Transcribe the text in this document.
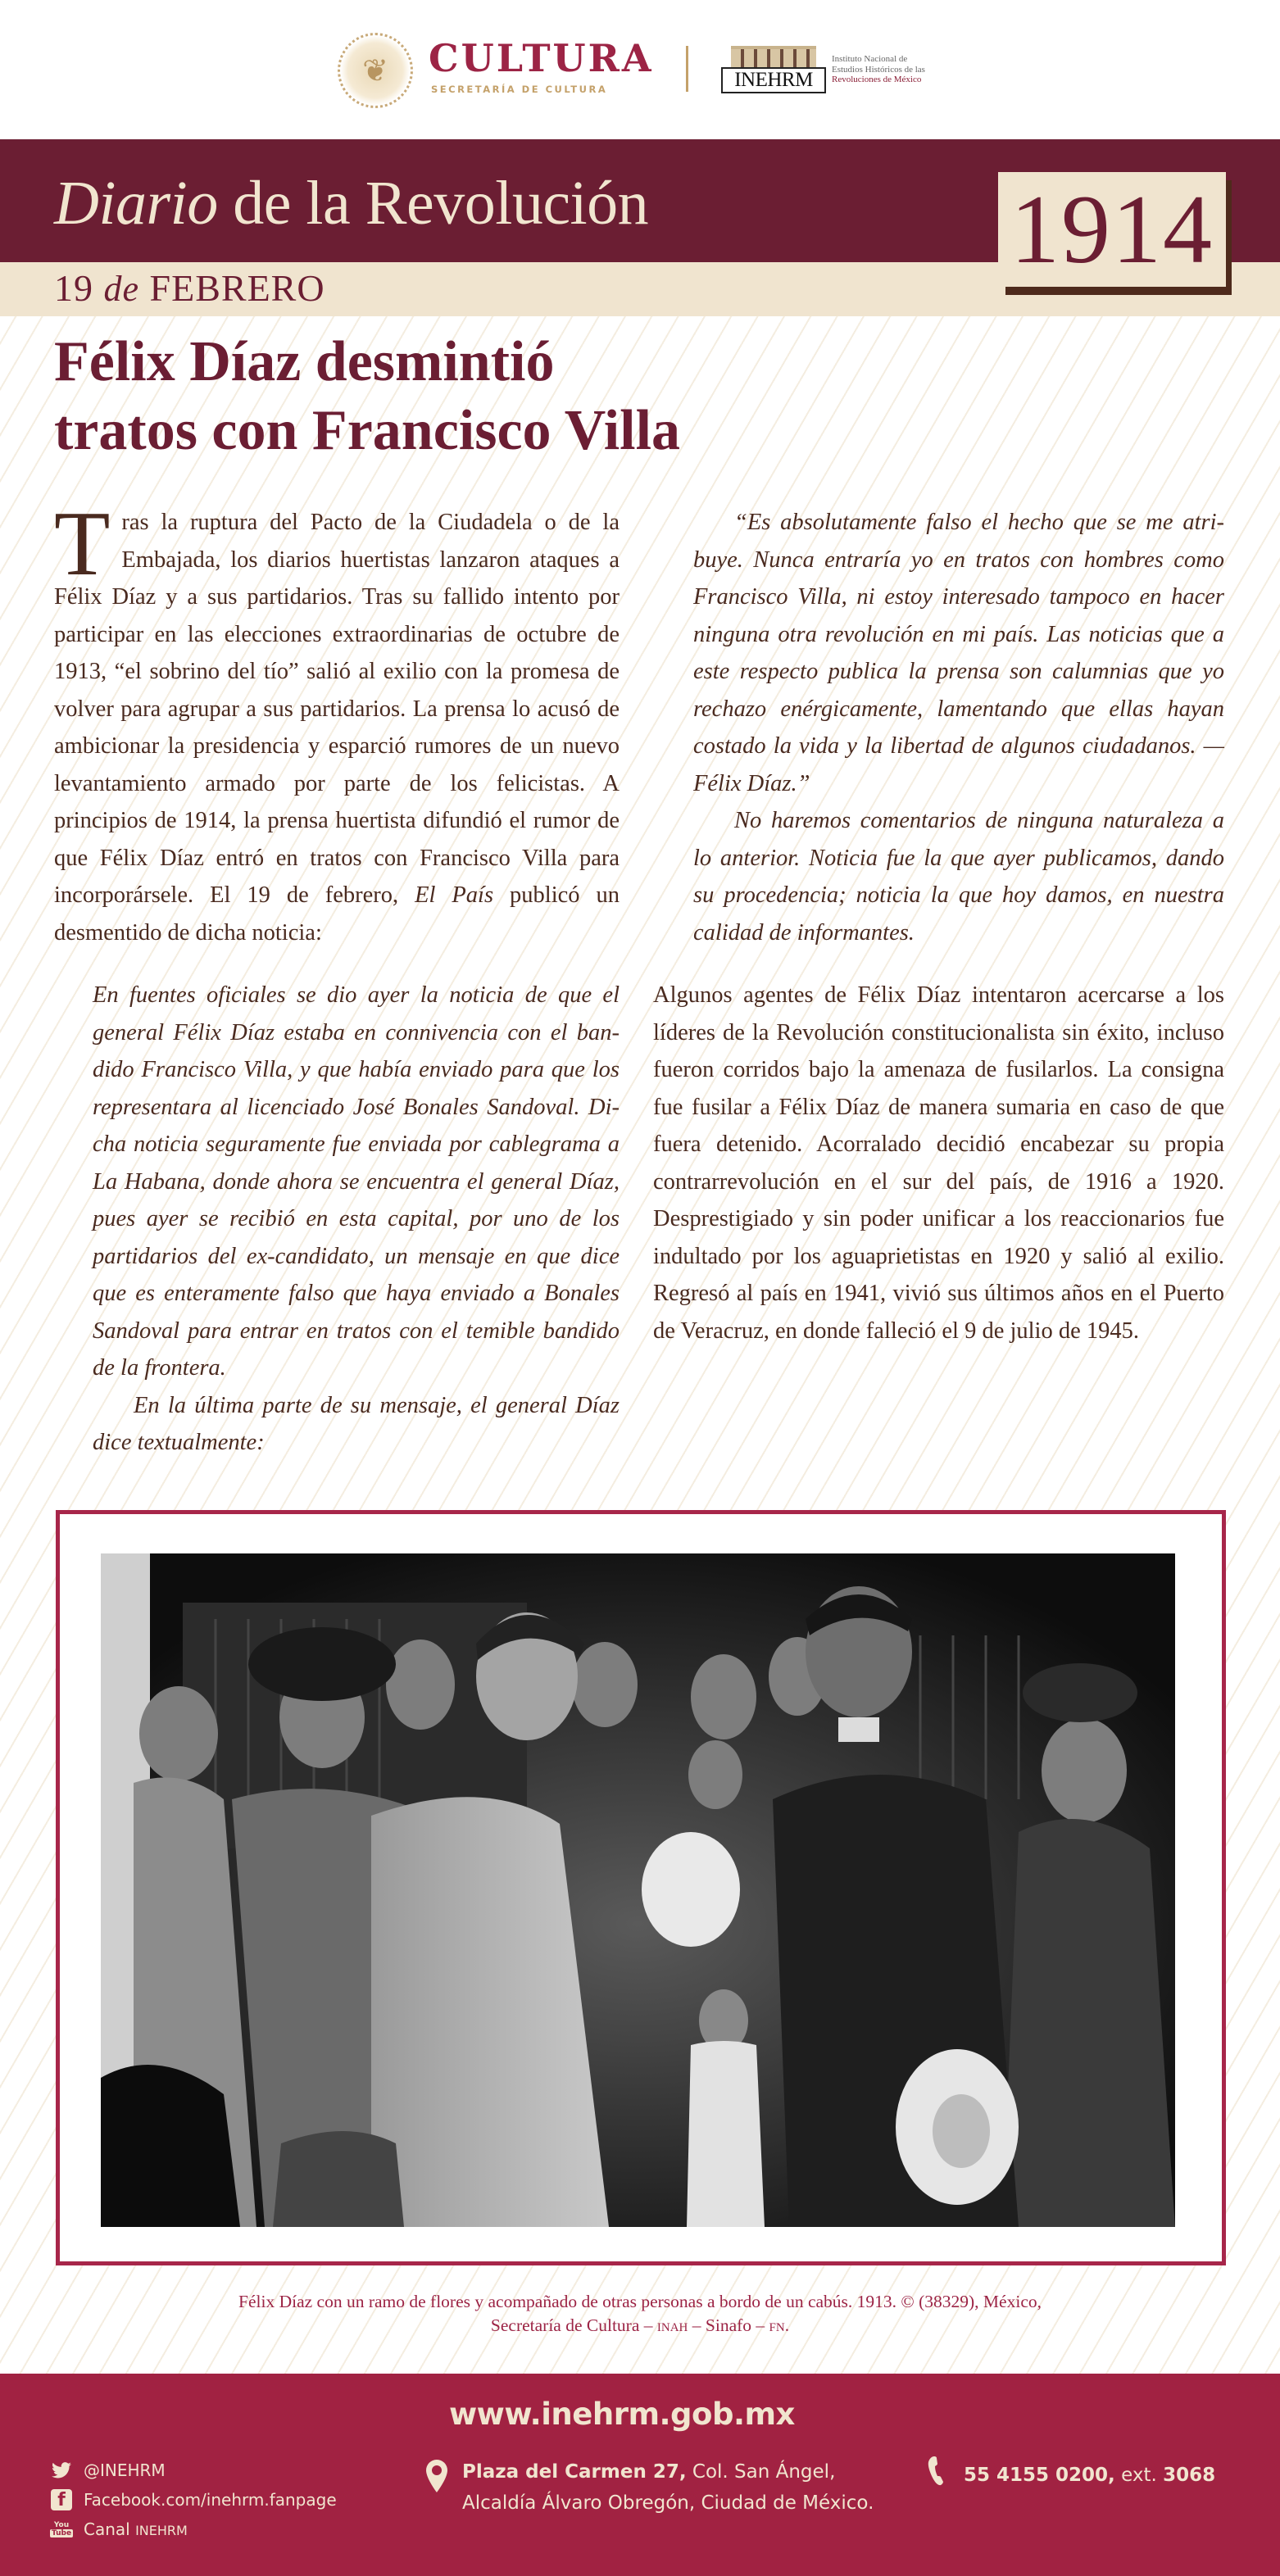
❦	CULTURA
SECRETARÍA DE CULTURA	INEHRM
Instituto Nacional de
Estudios Históricos de las
Revoluciones de México
Diario de la Revolución
19 de FEBRERO
1914
Félix Díaz desmintió
tratos con Francisco Villa

Tras la ruptura del Pacto de la Ciudadela o de la Embajada, los diarios huertistas lanzaron ataques a Félix Díaz y a sus partidarios. Tras su fallido intento por participar en las elecciones extraordinarias de octubre de 1913, “el sobrino del tío” salió al exilio con la promesa de volver para agrupar a sus partidarios. La prensa lo acusó de ambicionar la presidencia y esparció rumores de un nuevo levantamiento armado por parte de los felicistas. A principios de 1914, la prensa huertista difundió el rumor de que Félix Díaz entró en tratos con Francisco Villa para incorporársele. El 19 de febrero, El País publicó un desmentido de dicha noticia:

En fuentes oficiales se dio ayer la noticia de que el general Félix Díaz estaba en connivencia con el bandido Francisco Villa, y que había enviado para que los representara al licenciado José Bonales Sandoval. Dicha noticia seguramente fue enviada por cablegrama a La Habana, donde ahora se encuentra el general Díaz, pues ayer se recibió en esta capital, por uno de los partidarios del ex-candidato, un mensaje en que dice que es enteramente falso que haya enviado a Bonales Sandoval para entrar en tratos con el temible bandido de la frontera.

En la última parte de su mensaje, el general Díaz dice textualmente:

“Es absolutamente falso el hecho que se me atribuye. Nunca entraría yo en tratos con hombres como Francisco Villa, ni estoy interesado tampoco en hacer ninguna otra revolución en mi país. Las noticias que a este respecto publica la prensa son calumnias que yo rechazo enérgicamente, lamentando que ellas hayan costado la vida y la libertad de algunos ciudadanos. —Félix Díaz.”

No haremos comentarios de ninguna naturaleza a lo anterior. Noticia fue la que ayer publicamos, dando su procedencia; noticia la que hoy damos, en nuestra calidad de informantes.

Algunos agentes de Félix Díaz intentaron acercarse a los líderes de la Revolución constitucionalista sin éxito, incluso fueron corridos bajo la amenaza de fusilarlos. La consigna fue fusilar a Félix Díaz de manera sumaria en caso de que fuera detenido. Acorralado decidió encabezar su propia contrarrevolución en el sur del país, de 1916 a 1920. Desprestigiado y sin poder unificar a los reaccionarios fue indultado por los aguaprietistas en 1920 y salió al exilio. Regresó al país en 1941, vivió sus últimos años en el Puerto de Veracruz, en donde falleció el 9 de julio de 1945.

Félix Díaz con un ramo de flores y acompañado de otras personas a bordo de un cabús. 1913. © (38329), México,
Secretaría de Cultura – inah – Sinafo – fn.
www.inehrm.gob.mx
@INEHRM
f	Facebook.com/inehrm.fanpage
You
Tube Canal INEHRM
Plaza del Carmen 27, Col. San Ángel,
Alcaldía Álvaro Obregón, Ciudad de México.
55 4155 0200, ext. 3068
